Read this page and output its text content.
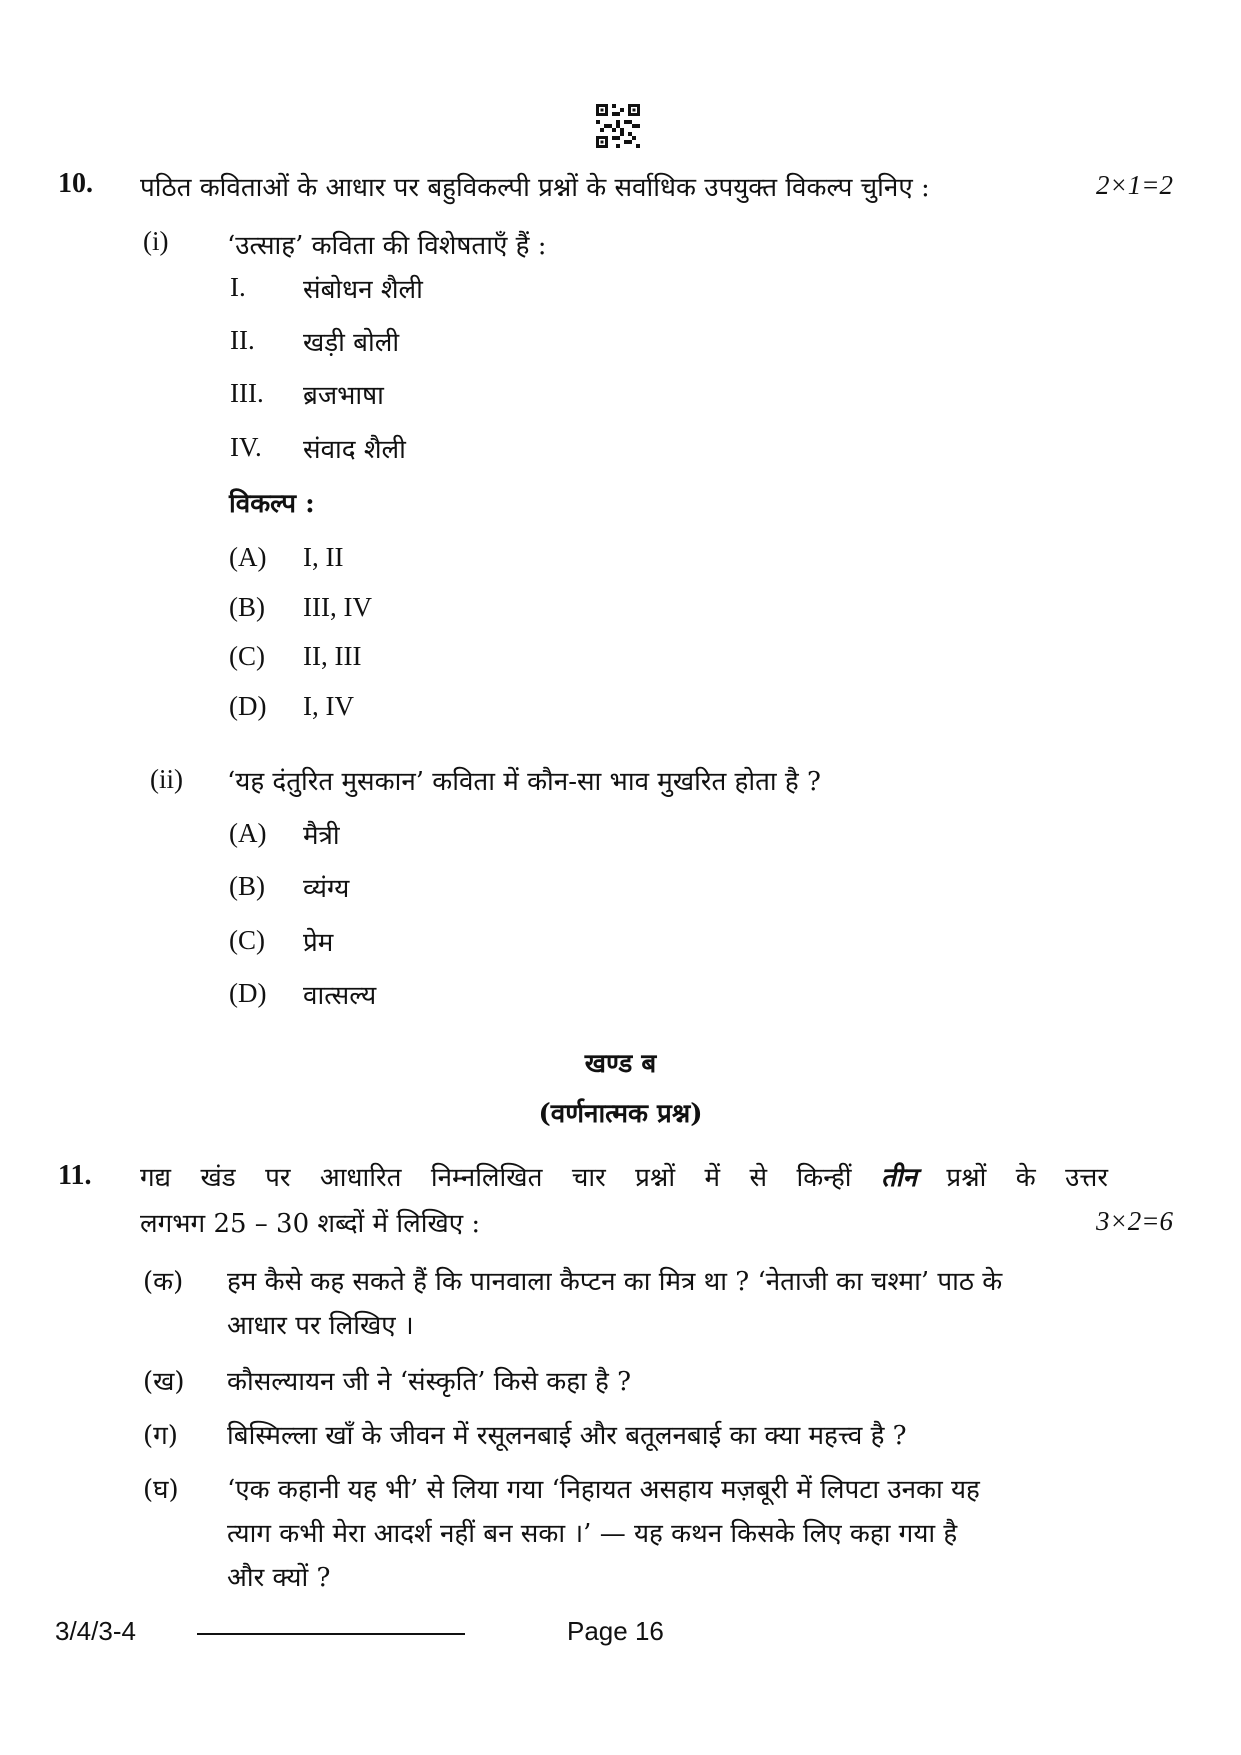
10. पठित कविताओं के आधार पर बहुविकल्पी प्रश्नों के सर्वाधिक उपयुक्त विकल्प चुनिए :	2×1=2
(i) ‘उत्साह’ कविता की विशेषताएँ हैं :
I. संबोधन शैली
II. खड़ी बोली
III. ब्रजभाषा
IV. संवाद शैली
विकल्प :
(A) I, II
(B) III, IV
(C) II, III
(D) I, IV
(ii) ‘यह दंतुरित मुसकान’ कविता में कौन-सा भाव मुखरित होता है ?
(A) मैत्री
(B) व्यंग्य
(C) प्रेम
(D) वात्सल्य
खण्ड ब
(वर्णनात्मक प्रश्न)
11. गद्य खंड पर आधारित निम्नलिखित चार प्रश्नों में से किन्हीं तीन प्रश्नों के उत्तर
लगभग 25 – 30 शब्दों में लिखिए :	3×2=6
(क) हम कैसे कह सकते हैं कि पानवाला कैप्टन का मित्र था ? ‘नेताजी का चश्मा’ पाठ के
आधार पर लिखिए ।
(ख) कौसल्यायन जी ने ‘संस्कृति’ किसे कहा है ?
(ग) बिस्मिल्ला खाँ के जीवन में रसूलनबाई और बतूलनबाई का क्या महत्त्व है ?
(घ) ‘एक कहानी यह भी’ से लिया गया ‘निहायत असहाय मज़बूरी में लिपटा उनका यह
त्याग कभी मेरा आदर्श नहीं बन सका ।’ — यह कथन किसके लिए कहा गया है
और क्यों ?
3/4/3-4	Page 16
